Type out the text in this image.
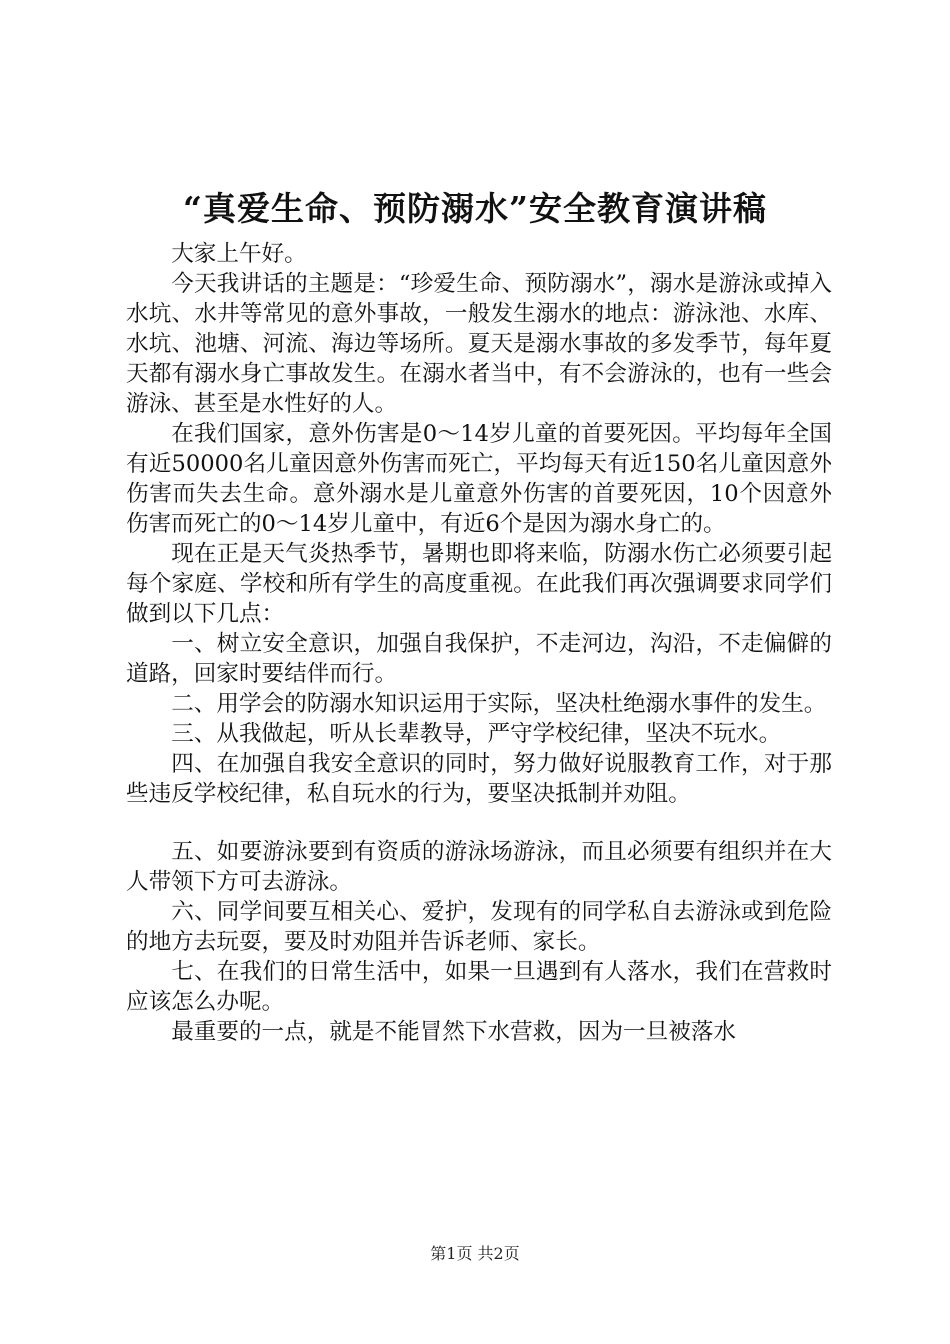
“真爱生命、预防溺水”安全教育演讲稿

大家上午好。

今天我讲话的主题是：“珍爱生命、预防溺水”，溺水是游泳或掉入水坑、水井等常见的意外事故，一般发生溺水的地点：游泳池、水库、水坑、池塘、河流、海边等场所。夏天是溺水事故的多发季节，每年夏天都有溺水身亡事故发生。在溺水者当中，有不会游泳的，也有一些会游泳、甚至是水性好的人。

在我们国家，意外伤害是0～14岁儿童的首要死因。平均每年全国有近50000名儿童因意外伤害而死亡，平均每天有近150名儿童因意外伤害而失去生命。意外溺水是儿童意外伤害的首要死因，10个因意外伤害而死亡的0～14岁儿童中，有近6个是因为溺水身亡的。

现在正是天气炎热季节，暑期也即将来临，防溺水伤亡必须要引起每个家庭、学校和所有学生的高度重视。在此我们再次强调要求同学们做到以下几点：

一、树立安全意识，加强自我保护，不走河边，沟沿，不走偏僻的道路，回家时要结伴而行。

二、用学会的防溺水知识运用于实际，坚决杜绝溺水事件的发生。

三、从我做起，听从长辈教导，严守学校纪律，坚决不玩水。

四、在加强自我安全意识的同时，努力做好说服教育工作，对于那些违反学校纪律，私自玩水的行为，要坚决抵制并劝阻。

五、如要游泳要到有资质的游泳场游泳，而且必须要有组织并在大人带领下方可去游泳。

六、同学间要互相关心、爱护，发现有的同学私自去游泳或到危险的地方去玩耍，要及时劝阻并告诉老师、家长。

七、在我们的日常生活中，如果一旦遇到有人落水，我们在营救时应该怎么办呢。

最重要的一点，就是不能冒然下水营救，因为一旦被落水

第1页 共2页
